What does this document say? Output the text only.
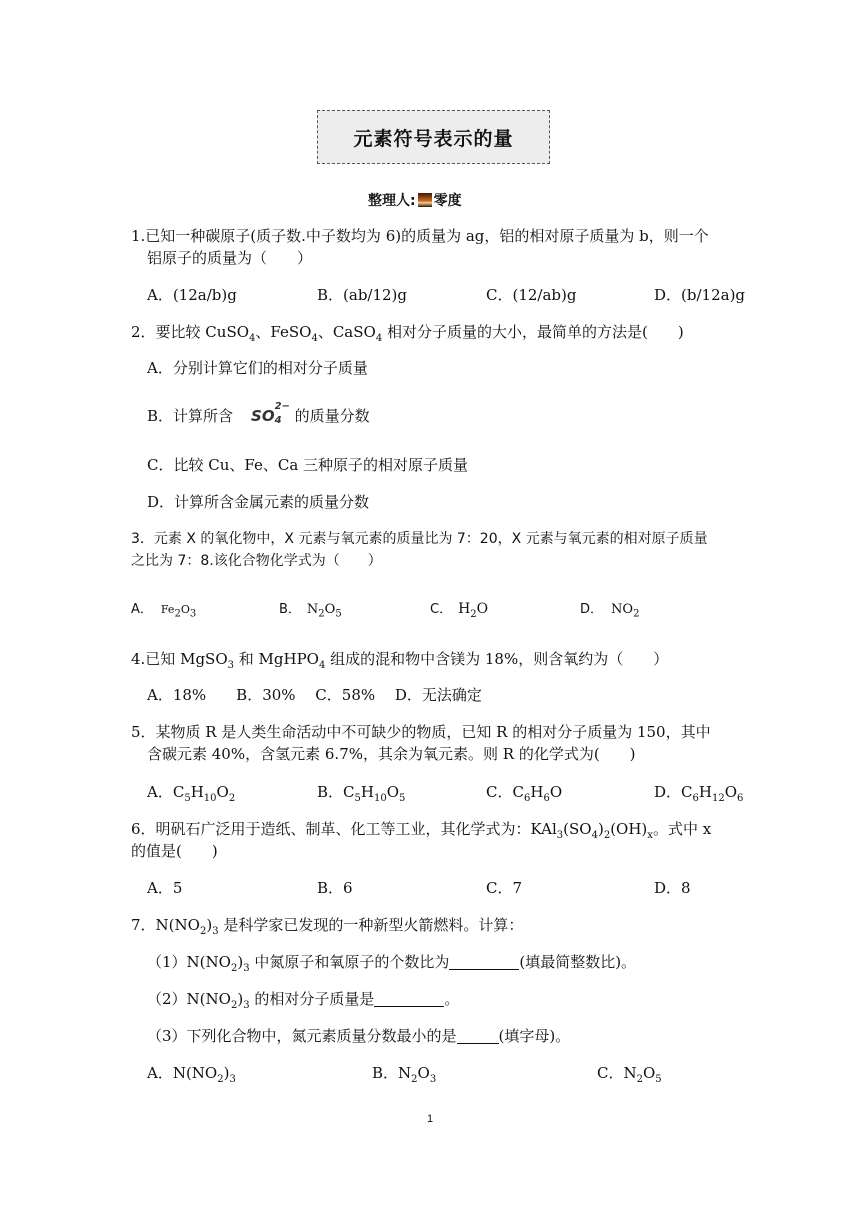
元素符号表示的量
整理人: 零度
1.已知一种碳原子(质子数.中子数均为 6)的质量为 ag，铝的相对原子质量为 b，则一个
铝原子的质量为（　　）
A．(12a/b)g	B．(ab/12)g	C．(12/ab)g	D．(b/12a)g
2．要比较 CuSO$_4$、FeSO$_4$、CaSO$_4$ 相对分子质量的大小，最简单的方法是(　　)
A．分别计算它们的相对分子质量
B．计算所含 SO
2−
4 的质量分数
C．比较 Cu、Fe、Ca 三种原子的相对原子质量
D．计算所含金属元素的质量分数
3．元素 X 的氧化物中，X 元素与氧元素的质量比为 7：20，X 元素与氧元素的相对原子质量
之比为 7：8.该化合物化学式为（　　）
A． $Fe_2O_3$	B． $N_2O_5$	C． $H_2O$	D． $NO_2$
4.已知 MgSO$_3$ 和 MgHPO$_4$ 组成的混和物中含镁为 18%，则含氧约为（　　）
A．18%　　B．30%　 C．58%　 D．无法确定
5．某物质 R 是人类生命活动中不可缺少的物质，已知 R 的相对分子质量为 150，其中
含碳元素 40%，含氢元素 6.7%，其余为氧元素。则 R 的化学式为(　　)
A．$C_5H_{10}O_2$	B．$C_5H_{10}O_5$	C．$C_6H_6O$	D．$C_6H_{12}O_6$
6．明矾石广泛用于造纸、制革、化工等工业，其化学式为：$KAl_3(SO_4)_2(OH)_x$。式中 x
的值是(　　)
A．5	B．6	C．7	D．8
7．$N(NO_2)_3$ 是科学家已发现的一种新型火箭燃料。计算：
$(1)N(NO_2)_3$ 中氮原子和氧原子的个数比为	(填最简整数比)。
$(2)N(NO_2)_3$ 的相对分子质量是	。
（3）下列化合物中，氮元素质量分数最小的是	(填字母)。
A．$N(NO_2)_3$	B．$N_2O_3$	C．$N_2O_5$
1
